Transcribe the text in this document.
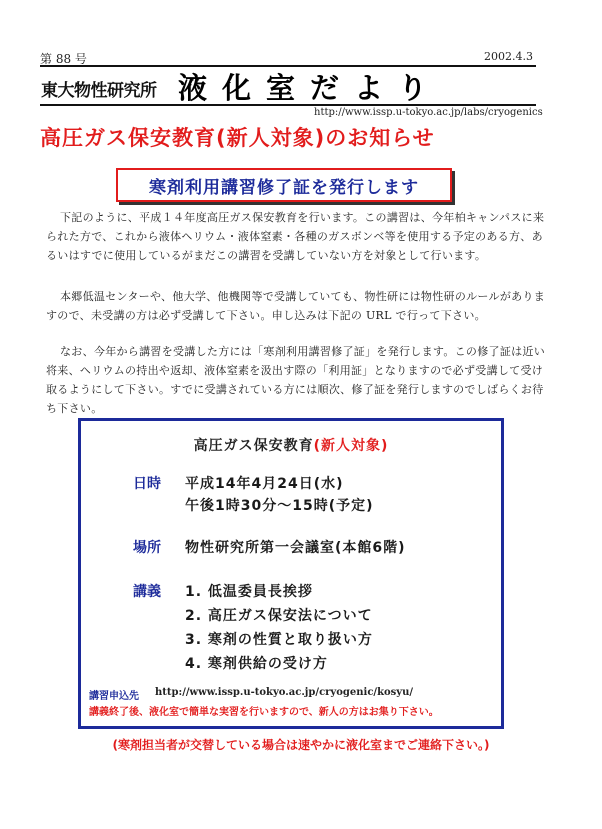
第 88 号	2002.4.3
東大物性研究所 液化室だより
http://www.issp.u-tokyo.ac.jp/labs/cryogenics
高圧ガス保安教育(新人対象)のお知らせ
寒剤利用講習修了証を発行します

下記のように、平成１４年度高圧ガス保安教育を行います。この講習は、今年柏キャンパスに来られた方で、これから液体ヘリウム・液体窒素・各種のガスボンベ等を使用する予定のある方、あるいはすでに使用しているがまだこの講習を受講していない方を対象として行います。

本郷低温センターや、他大学、他機関等で受講していても、物性研には物性研のルールがありますので、未受講の方は必ず受講して下さい。申し込みは下記の URL で行って下さい。

なお、今年から講習を受講した方には「寒剤利用講習修了証」を発行します。この修了証は近い将来、ヘリウムの持出や返却、液体窒素を汲出す際の「利用証」となりますので必ず受講して受け取るようにして下さい。すでに受講されている方には順次、修了証を発行しますのでしばらくお待ち下さい。

高圧ガス保安教育(新人対象)
日時 平成14年4月24日(水)
午後1時30分～15時(予定)
場所 物性研究所第一会議室(本館6階)
講義 1. 低温委員長挨拶
2. 高圧ガス保安法について
3. 寒剤の性質と取り扱い方
4. 寒剤供給の受け方
講習申込先 http://www.issp.u-tokyo.ac.jp/cryogenic/kosyu/
講義終了後、液化室で簡単な実習を行いますので、新人の方はお集り下さい。
(寒剤担当者が交替している場合は速やかに液化室までご連絡下さい。)
